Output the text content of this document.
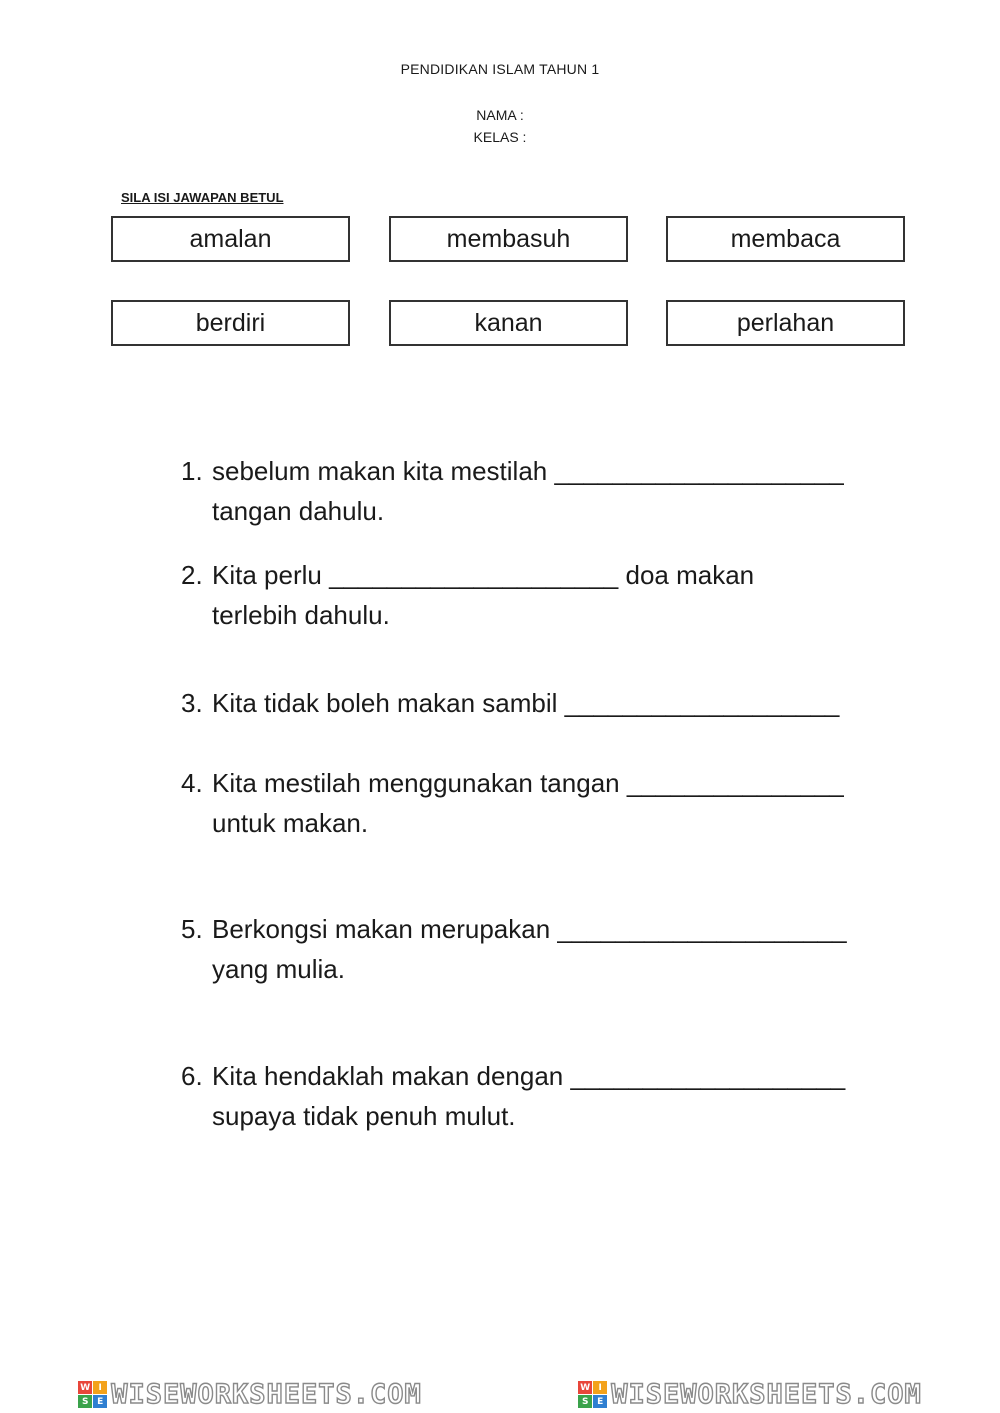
PENDIDIKAN ISLAM TAHUN 1
NAMA :
KELAS :
SILA ISI JAWAPAN BETUL
amalan	membasuh	membaca
berdiri	kanan	perlahan
1. sebelum makan kita mestilah ____________________
tangan dahulu.
2. Kita perlu ____________________ doa makan
terlebih dahulu.
3. Kita tidak boleh makan sambil ___________________
4. Kita mestilah menggunakan tangan _______________
untuk makan.
5. Berkongsi makan merupakan ____________________
yang mulia.
6. Kita hendaklah makan dengan ___________________
supaya tidak penuh mulut.
W I
S E WISEWORKSHEETS.COM	W I
S E WISEWORKSHEETS.COM
